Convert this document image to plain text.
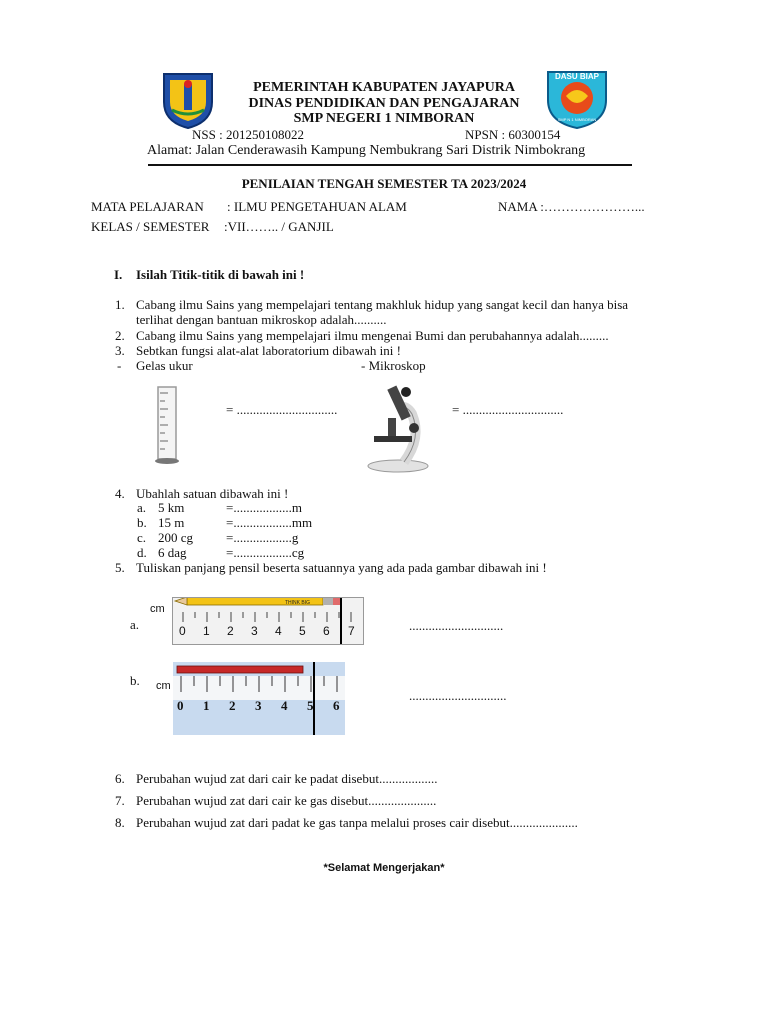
DASU BIAP
SMP N 1 NIMBORAN
PEMERINTAH KABUPATEN JAYAPURA
DINAS PENDIDIKAN DAN PENGAJARAN
SMP NEGERI 1 NIMBORAN
NSS : 201250108022	NPSN : 60300154
Alamat: Jalan Cenderawasih Kampung Nembukrang Sari Distrik Nimbokrang
PENILAIAN TENGAH SEMESTER TA 2023/2024
MATA PELAJARAN : ILMU PENGETAHUAN ALAM	NAMA :…………………...
KELAS / SEMESTER :VII…….. / GANJIL
I. Isilah Titik-titik di bawah ini !
1. Cabang ilmu Sains yang mempelajari tentang makhluk hidup yang sangat kecil dan hanya bisa
terlihat dengan bantuan mikroskop adalah..........
2. Cabang ilmu Sains yang mempelajari ilmu mengenai Bumi dan perubahannya adalah.........
3. Sebtkan fungsi alat-alat laboratorium dibawah ini !
- Gelas ukur	- Mikroskop
= ...............................	= ...............................
4. Ubahlah satuan dibawah ini !
a. 5 km	=..................m
b. 15 m	=..................mm
c. 200 cg	=..................g
d. 6 dag	=..................cg
5. Tuliskan panjang pensil beserta satuannya yang ada pada gambar dibawah ini !
cm
a.
THINK BIG
0 1 2 3 4 5 6 7	.............................
b. cm
0 1 2 3 4 5 6
..............................
6. Perubahan wujud zat dari cair ke padat disebut..................
7. Perubahan wujud zat dari cair ke gas disebut.....................
8. Perubahan wujud zat dari padat ke gas tanpa melalui proses cair disebut.....................
*Selamat Mengerjakan*
